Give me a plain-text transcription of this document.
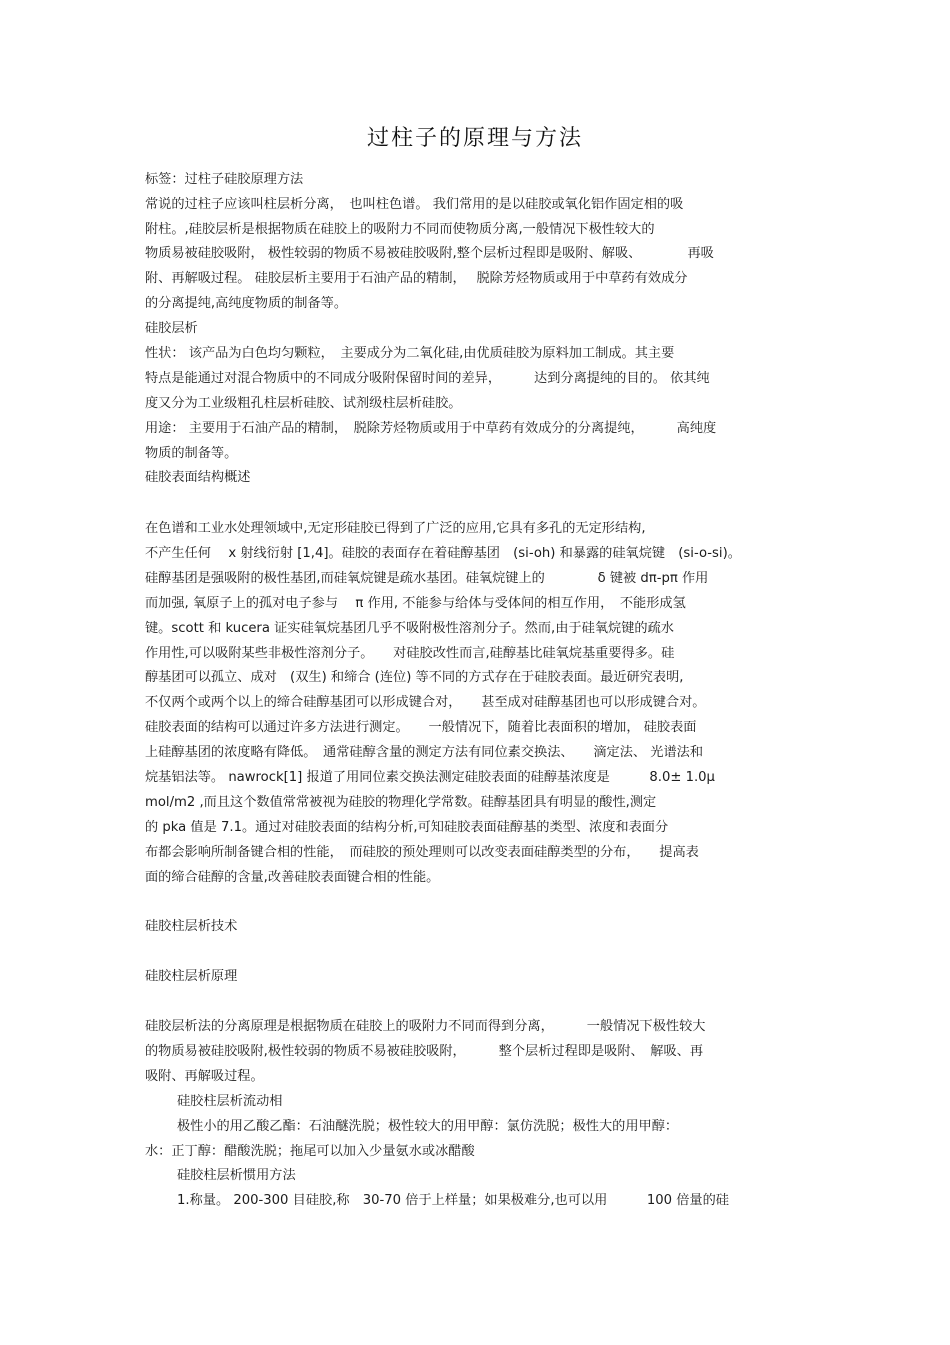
过柱子的原理与方法
标签：过柱子硅胶原理方法
常说的过柱子应该叫柱层析分离，　也叫柱色谱。 我们常用的是以硅胶或氧化铝作固定相的吸
附柱。,硅胶层析是根据物质在硅胶上的吸附力不同而使物质分离,一般情况下极性较大的
物质易被硅胶吸附， 极性较弱的物质不易被硅胶吸附,整个层析过程即是吸附、解吸、　　　　再吸
附、再解吸过程。 硅胶层析主要用于石油产品的精制，　 脱除芳烃物质或用于中草药有效成分
的分离提纯,高纯度物质的制备等。
硅胶层析
性状： 该产品为白色均匀颗粒，　主要成分为二氧化硅,由优质硅胶为原料加工制成。其主要
特点是能通过对混合物质中的不同成分吸附保留时间的差异，　　　达到分离提纯的目的。 依其纯
度又分为工业级粗孔柱层析硅胶、试剂级柱层析硅胶。
用途： 主要用于石油产品的精制，　脱除芳烃物质或用于中草药有效成分的分离提纯，　　　高纯度
物质的制备等。
硅胶表面结构概述
在色谱和工业水处理领域中,无定形硅胶已得到了广泛的应用,它具有多孔的无定形结构,
不产生任何　 x 射线衍射 [1,4]。硅胶的表面存在着硅醇基团　(si-oh) 和暴露的硅氧烷键　(si-o-si)。
硅醇基团是强吸附的极性基团,而硅氧烷键是疏水基团。硅氧烷键上的　　　　δ 键被 dπ-pπ 作用
而加强, 氧原子上的孤对电子参与　 π 作用, 不能参与给体与受体间的相互作用，　不能形成氢
键。scott 和 kucera 证实硅氧烷基团几乎不吸附极性溶剂分子。然而,由于硅氧烷键的疏水
作用性,可以吸附某些非极性溶剂分子。　　对硅胶改性而言,硅醇基比硅氧烷基重要得多。硅
醇基团可以孤立、成对　(双生) 和缔合 (连位) 等不同的方式存在于硅胶表面。最近研究表明,
不仅两个或两个以上的缔合硅醇基团可以形成键合对，　　甚至成对硅醇基团也可以形成键合对。
硅胶表面的结构可以通过许多方法进行测定。　　一般情况下，随着比表面积的增加， 硅胶表面
上硅醇基团的浓度略有降低。　通常硅醇含量的测定方法有同位素交换法、　　滴定法、 光谱法和
烷基铝法等。 nawrock[1] 报道了用同位素交换法测定硅胶表面的硅醇基浓度是　　　8.0± 1.0μ
mol/m2 ,而且这个数值常常被视为硅胶的物理化学常数。硅醇基团具有明显的酸性,测定
的 pka 值是 7.1。通过对硅胶表面的结构分析,可知硅胶表面硅醇基的类型、浓度和表面分
布都会影响所制备键合相的性能，　而硅胶的预处理则可以改变表面硅醇类型的分布，　　提高表
面的缔合硅醇的含量,改善硅胶表面键合相的性能。
硅胶柱层析技术
硅胶柱层析原理
硅胶层析法的分离原理是根据物质在硅胶上的吸附力不同而得到分离，　　　一般情况下极性较大
的物质易被硅胶吸附,极性较弱的物质不易被硅胶吸附，　　　整个层析过程即是吸附、　解吸、再
吸附、再解吸过程。
硅胶柱层析流动相
极性小的用乙酸乙酯：石油醚洗脱；极性较大的用甲醇：氯仿洗脱；极性大的用甲醇：
水：正丁醇：醋酸洗脱；拖尾可以加入少量氨水或冰醋酸
硅胶柱层析惯用方法
1.称量。 200-300 目硅胶,称　30-70 倍于上样量；如果极难分,也可以用　　　100 倍量的硅
